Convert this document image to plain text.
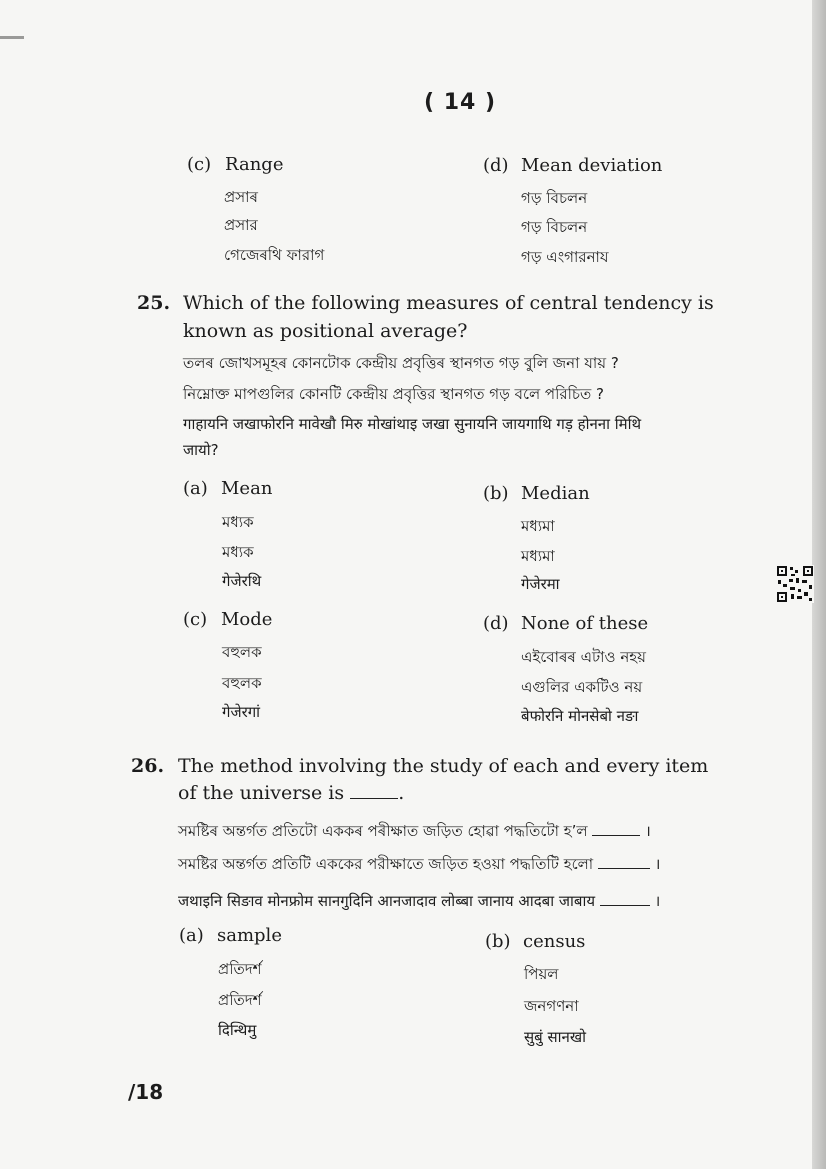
( 14 )
(c) Range
প্ৰসাৰ
প্রসার
গেজেৰথি ফারাগ
(d) Mean deviation
গড় বিচলন
গড় বিচলন
গড় এংগারনায
25. Which of the following measures of central tendency is
known as positional average?
তলৰ জোখসমূহৰ কোনটোক কেন্দ্ৰীয় প্ৰবৃত্তিৰ স্থানগত গড় বুলি জনা যায় ?
নিম্নোক্ত মাপগুলির কোনটি কেন্দ্রীয় প্রবৃত্তির স্থানগত গড় বলে পরিচিত ?
गाहायनि जखाफोरनि मावेखौ मिरु मोखांथाइ जखा सुनायनि जायगाथि गड़ होनना मिथि
जायो?
(a) Mean
মধ্যক
মধ্যক
गेजेरथि
(b) Median
মধ্যমা
মধ্যমা
गेजेरमा
(c) Mode
বহুলক
বহুলক
गेजेरगां
(d) None of these
এইবোৰৰ এটাও নহয়
এগুলির একটিও নয়
बेफोरनि मोनसेबो नङा
26. The method involving the study of each and every item
of the universe is	.
সমষ্টিৰ অন্তৰ্গত প্ৰতিটো এককৰ পৰীক্ষাত জড়িত হোৱা পদ্ধতিটো হ’ল	।
সমষ্টির অন্তর্গত প্রতিটি এককের পরীক্ষাতে জড়িত হওয়া পদ্ধতিটি হলো	।
जथाइनि सिङाव मोनफ्रोम सानगुदिनि आनजादाव लोब्बा जानाय आदबा जाबाय	।
(a) sample
প্ৰতিদৰ্শ
প্রতিদর্শ
दिन्थिमु
(b) census
পিয়ল
জনগণনা
सुबुं सानखो
/18
